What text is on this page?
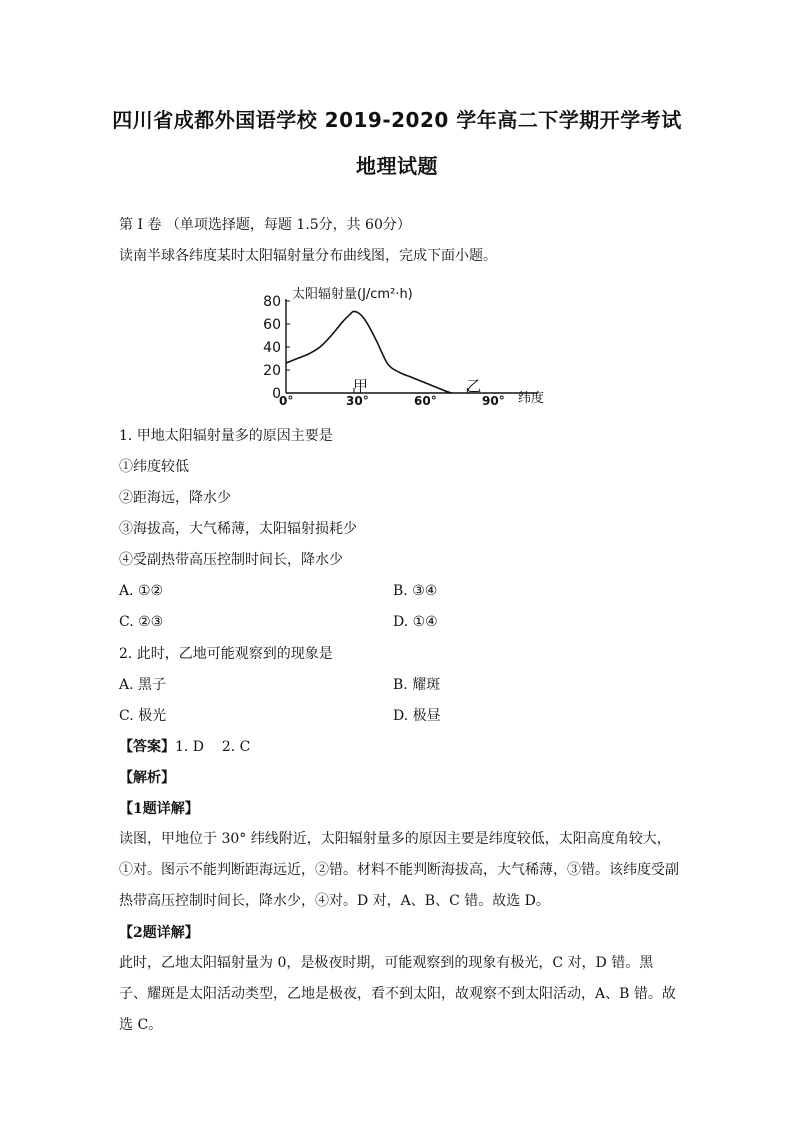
四川省成都外国语学校 2019-2020 学年高二下学期开学考试
地理试题
第 I 卷 （单项选择题，每题 1.5分，共 60分）
读南半球各纬度某时太阳辐射量分布曲线图，完成下面小题。
太阳辐射量(J/cm²·h)
纬度
80
60
40
20
0
0°	30°	60°	90°
甲	乙
1. 甲地太阳辐射量多的原因主要是
①纬度较低
②距海远，降水少
③海拔高，大气稀薄，太阳辐射损耗少
④受副热带高压控制时间长，降水少
A. ①②	B. ③④
C. ②③	D. ①④
2. 此时，乙地可能观察到的现象是
A. 黑子	B. 耀斑
C. 极光	D. 极昼
【答案】1. D    2. C
【解析】
【1题详解】
读图，甲地位于 30° 纬线附近，太阳辐射量多的原因主要是纬度较低，太阳高度角较大，①对。图示不能判断距海远近，②错。材料不能判断海拔高，大气稀薄，③错。该纬度受副热带高压控制时间长，降水少，④对。D 对，A、B、C 错。故选 D。
【2题详解】
此时，乙地太阳辐射量为 0，是极夜时期，可能观察到的现象有极光，C 对，D 错。黑子、耀斑是太阳活动类型，乙地是极夜，看不到太阳，故观察不到太阳活动，A、B 错。故选 C。
